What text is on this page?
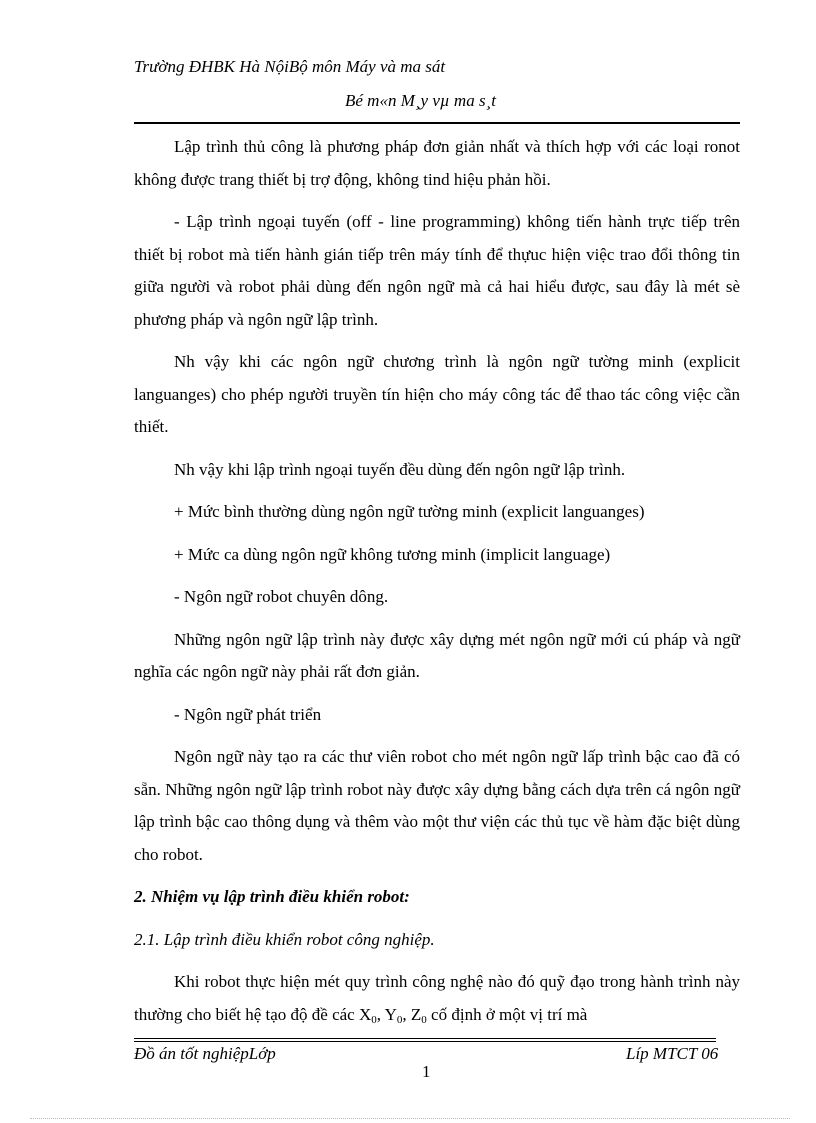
Trường ĐHBK Hà NộiBộ môn Máy và ma sát
Bé m«n M¸y vµ ma s¸t

Lập trình thủ công là phương pháp đơn giản nhất và thích hợp với các loại ronot không được trang thiết bị trợ động, không tind hiệu phản hồi.

- Lập trình ngoại tuyến (off - line programming) không tiến hành trực tiếp trên thiết bị robot mà tiến hành gián tiếp trên máy tính để thựuc hiện việc trao đổi thông tin giữa người và robot phải dùng đến ngôn ngữ mà cả hai hiểu được, sau đây là mét sè phương pháp và ngôn ngữ lập trình.

Nh vậy khi các ngôn ngữ chương trình là ngôn ngữ tường minh (explicit languanges) cho phép người truyền tín hiện cho máy công tác để thao tác công việc cần thiết.

Nh vậy khi lập trình ngoại tuyến đều dùng đến ngôn ngữ lập trình.

+ Mức bình thường dùng ngôn ngữ tường minh (explicit languanges)

+ Mức ca dùng ngôn ngữ không tương minh (implicit language)

- Ngôn ngữ robot chuyên dông.

Những ngôn ngữ lập trình này được xây dựng mét ngôn ngữ mới cú pháp và ngữ nghĩa các ngôn ngữ này phải rất đơn giản.

- Ngôn ngữ phát triển

Ngôn ngữ này tạo ra các thư viên robot cho mét ngôn ngữ lấp trình bậc cao đã có sẵn. Những ngôn ngữ lập trình robot này được xây dựng bằng cách dựa trên cá ngôn ngữ lập trình bậc cao thông dụng và thêm vào một thư viện các thủ tục về hàm đặc biệt dùng cho robot.

2. Nhiệm vụ lập trình điều khiển robot:

2.1. Lập trình điều khiển robot công nghiệp.

Khi robot thực hiện mét quy trình công nghệ nào đó quỹ đạo trong hành trình này thường cho biết hệ tạo độ đề các $X_0$, $Y_0$, $Z_0$ cố định ở một vị trí mà

Đồ án tốt nghiệpLớp	Líp MTCT 06
1
